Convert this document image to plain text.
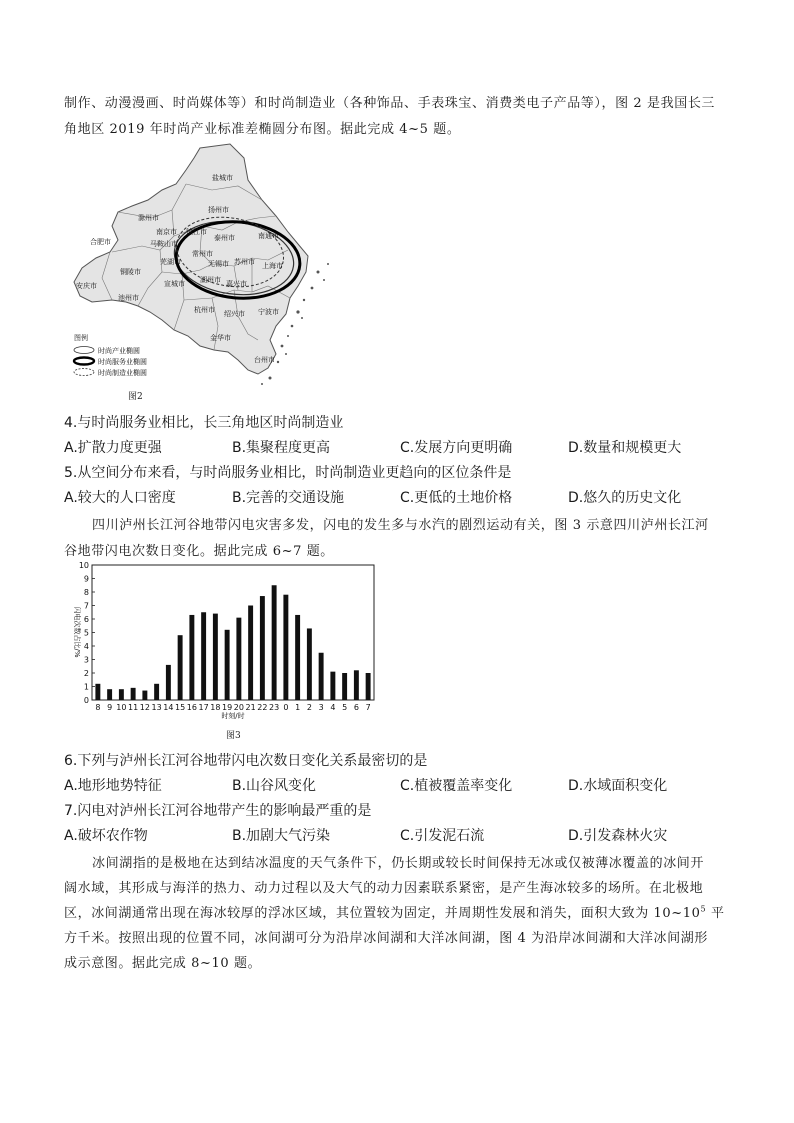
制作、动漫漫画、时尚媒体等）和时尚制造业（各种饰品、手表珠宝、消费类电子产品等），图 2 是我国长三
角地区 2019 年时尚产业标准差椭圆分布图。据此完成 4~5 题。
盐城市
滁州市
扬州市
南京市 镇江市
泰州市	南通市
合肥市	马鞍山市
芜湖市
常州市
无锡市 苏州市 上海市
铜陵市
宣城市 湖州市 嘉兴市
安庆市
池州市
杭州市 绍兴市 宁波市
金华市
台州市
图例
时尚产业椭圆
时尚服务业椭圆
时尚制造业椭圆
图2
4.与时尚服务业相比，长三角地区时尚制造业
A.扩散力度更强	B.集聚程度更高	C.发展方向更明确	D.数量和规模更大
5.从空间分布来看，与时尚服务业相比，时尚制造业更趋向的区位条件是
A.较大的人口密度	B.完善的交通设施	C.更低的土地价格	D.悠久的历史文化
四川泸州长江河谷地带闪电灾害多发，闪电的发生多与水汽的剧烈运动有关，图 3 示意四川泸州长江河
谷地带闪电次数日变化。据此完成 6~7 题。
闪电次数占比/%
0
1
2
3
4
5
6
7
8
9
10
8 9 10 11 12 13 14 15 16 17 18 19 20 21 22 23 0 1 2 3 4 5 6 7
时刻/时
图3
6.下列与泸州长江河谷地带闪电次数日变化关系最密切的是
A.地形地势特征	B.山谷风变化	C.植被覆盖率变化	D.水域面积变化
7.闪电对泸州长江河谷地带产生的影响最严重的是
A.破坏农作物	B.加剧大气污染	C.引发泥石流	D.引发森林火灾
冰间湖指的是极地在达到结冰温度的天气条件下，仍长期或较长时间保持无冰或仅被薄冰覆盖的冰间开
阔水域，其形成与海洋的热力、动力过程以及大气的动力因素联系紧密，是产生海冰较多的场所。在北极地
区，冰间湖通常出现在海冰较厚的浮冰区域，其位置较为固定，并周期性发展和消失，面积大致为 $10\sim 10^5$ 平
方千米。按照出现的位置不同，冰间湖可分为沿岸冰间湖和大洋冰间湖，图 4 为沿岸冰间湖和大洋冰间湖形
成示意图。据此完成 8~10 题。
